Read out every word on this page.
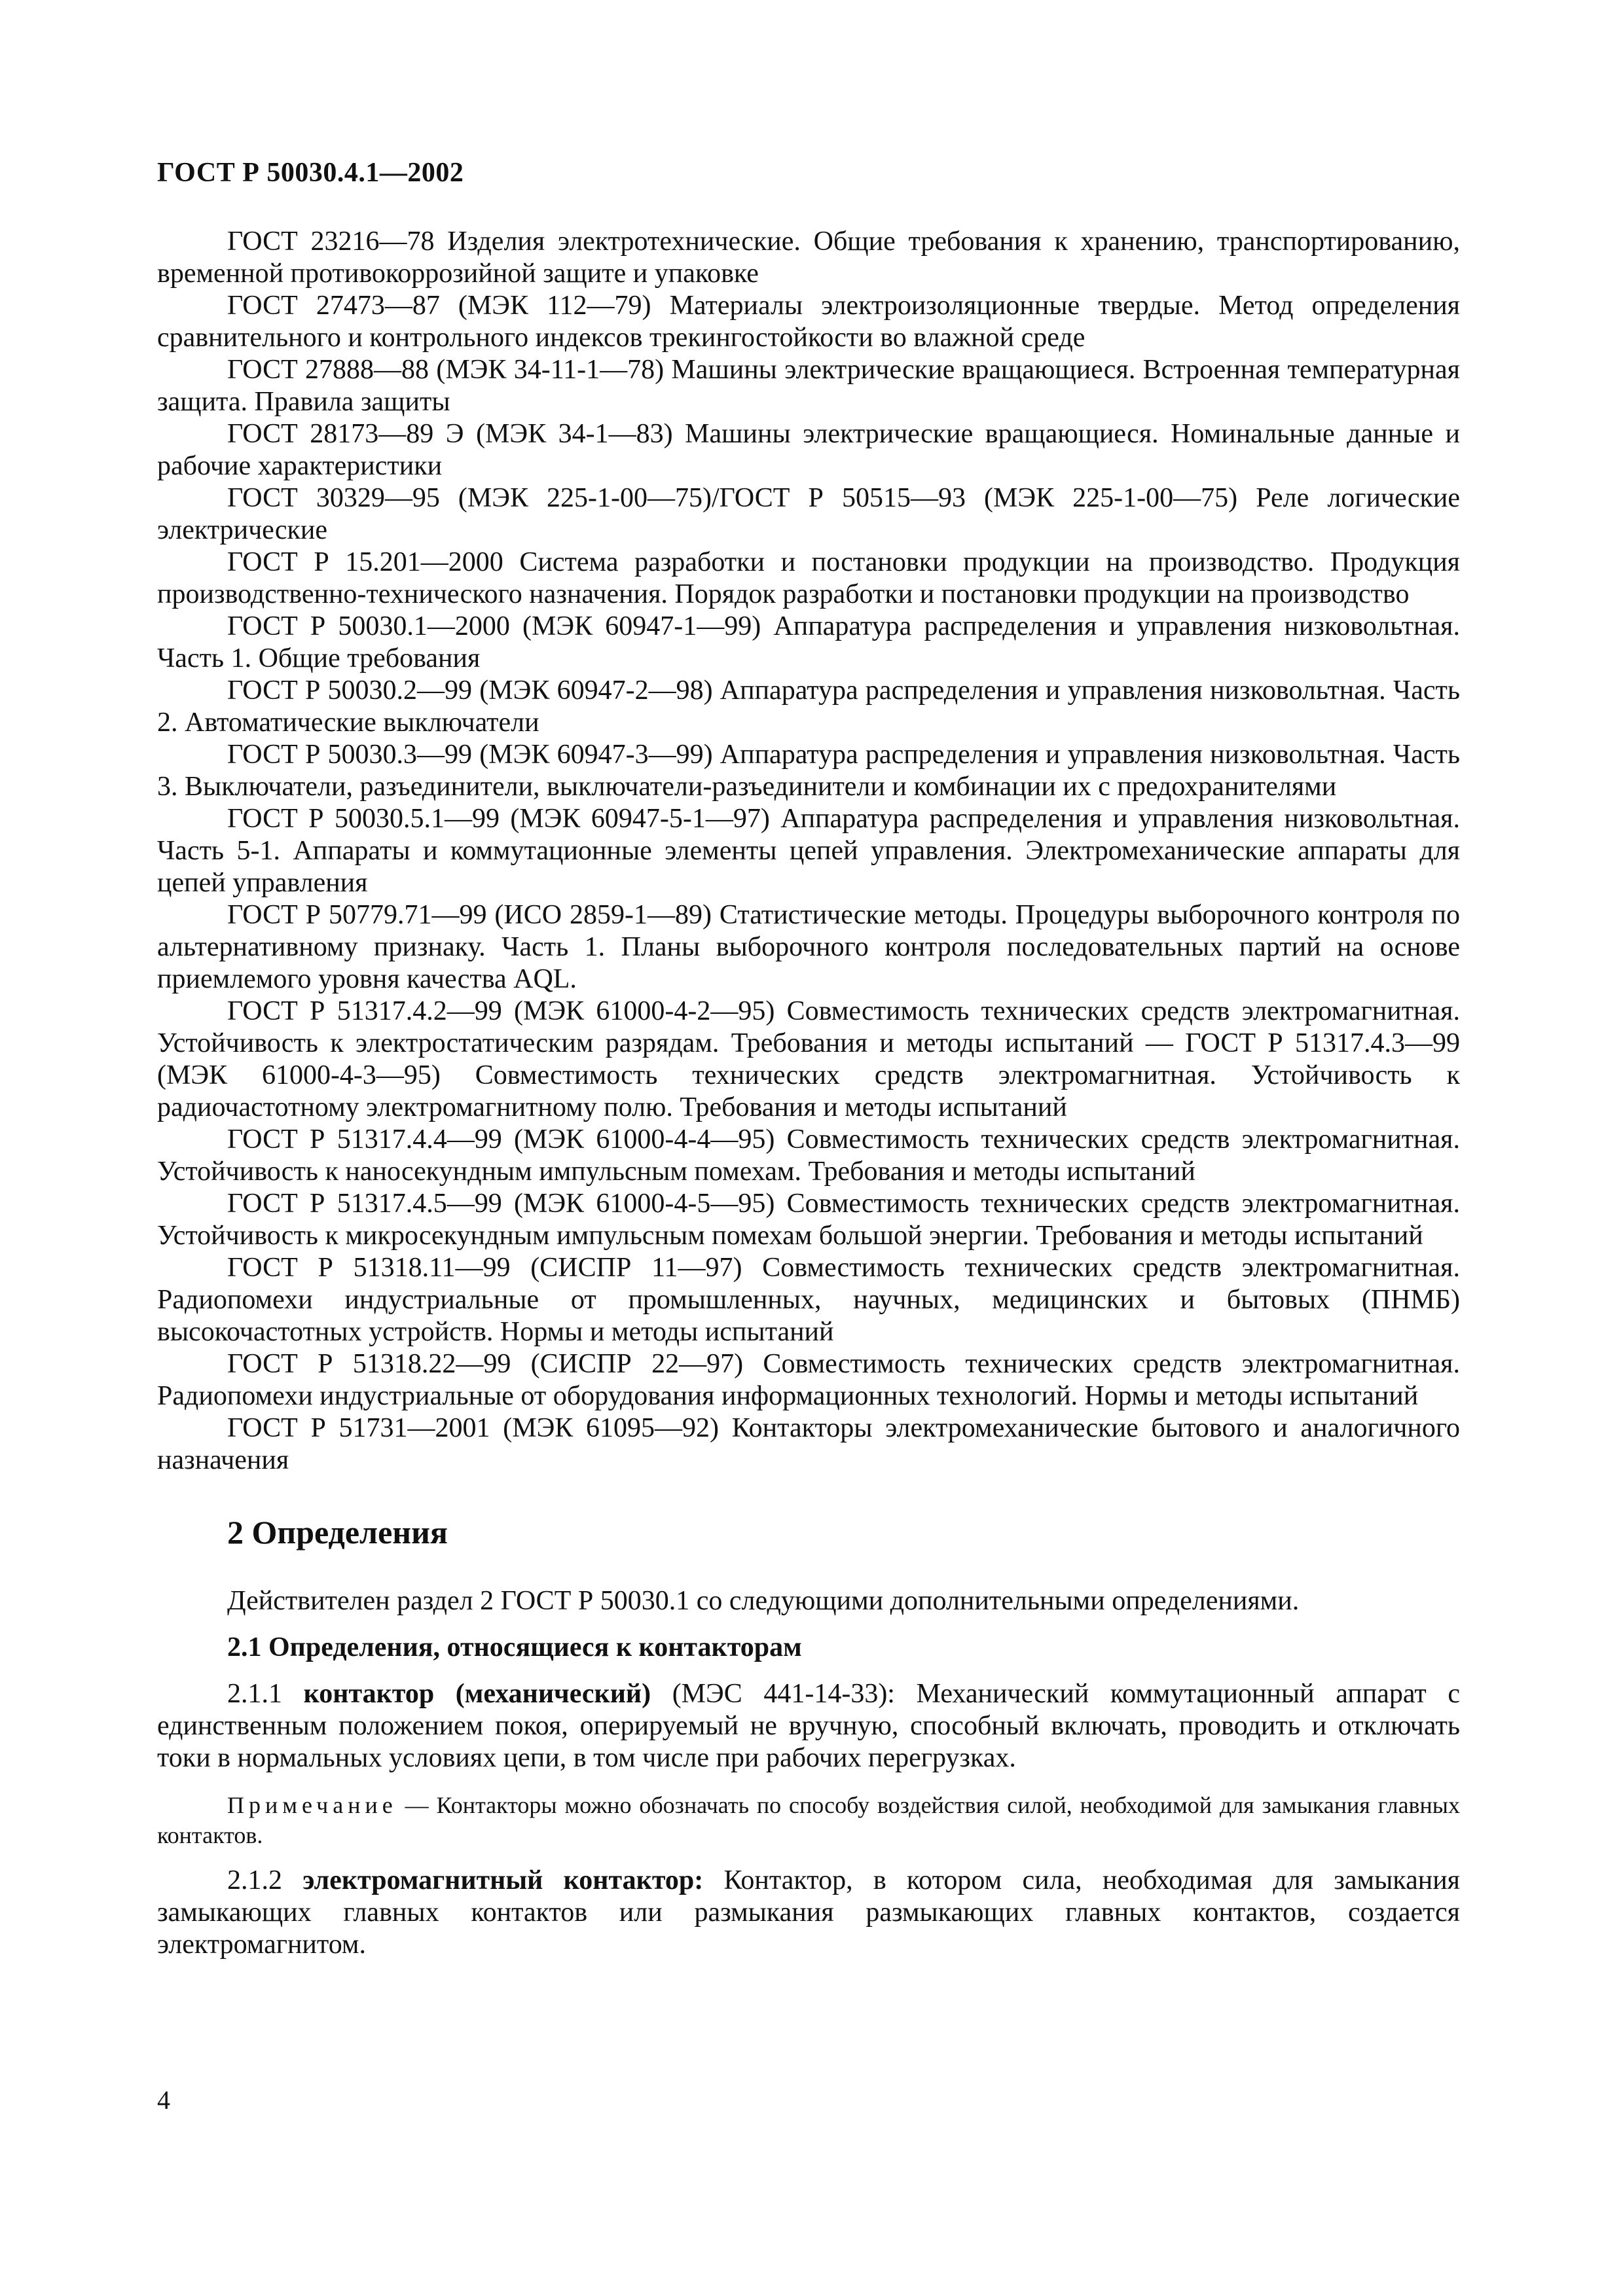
ГОСТ Р 50030.4.1—2002

ГОСТ 23216—78 Изделия электротехнические. Общие требования к хранению, транспортированию, временной противокоррозийной защите и упаковке

ГОСТ 27473—87 (МЭК 112—79) Материалы электроизоляционные твердые. Метод определения сравнительного и контрольного индексов трекингостойкости во влажной среде

ГОСТ 27888—88 (МЭК 34-11-1—78) Машины электрические вращающиеся. Встроенная температурная защита. Правила защиты

ГОСТ 28173—89 Э (МЭК 34-1—83) Машины электрические вращающиеся. Номинальные данные и рабочие характеристики

ГОСТ 30329—95 (МЭК 225-1-00—75)/ГОСТ Р 50515—93 (МЭК 225-1-00—75) Реле логические электрические

ГОСТ Р 15.201—2000 Система разработки и постановки продукции на производство. Продукция производственно-технического назначения. Порядок разработки и постановки продукции на производство

ГОСТ Р 50030.1—2000 (МЭК 60947-1—99) Аппаратура распределения и управления низковольтная. Часть 1. Общие требования

ГОСТ Р 50030.2—99 (МЭК 60947-2—98) Аппаратура распределения и управления низковольтная. Часть 2. Автоматические выключатели

ГОСТ Р 50030.3—99 (МЭК 60947-3—99) Аппаратура распределения и управления низковольтная. Часть 3. Выключатели, разъединители, выключатели-разъединители и комбинации их с предохранителями

ГОСТ Р 50030.5.1—99 (МЭК 60947-5-1—97) Аппаратура распределения и управления низковольтная. Часть 5-1. Аппараты и коммутационные элементы цепей управления. Электромеханические аппараты для цепей управления

ГОСТ Р 50779.71—99 (ИСО 2859-1—89) Статистические методы. Процедуры выборочного контроля по альтернативному признаку. Часть 1. Планы выборочного контроля последовательных партий на основе приемлемого уровня качества AQL.

ГОСТ Р 51317.4.2—99 (МЭК 61000-4-2—95) Совместимость технических средств электромагнитная. Устойчивость к электростатическим разрядам. Требования и методы испытаний — ГОСТ Р 51317.4.3—99 (МЭК 61000-4-3—95) Совместимость технических средств электромагнитная. Устойчивость к радиочастотному электромагнитному полю. Требования и методы испытаний

ГОСТ Р 51317.4.4—99 (МЭК 61000-4-4—95) Совместимость технических средств электромагнитная. Устойчивость к наносекундным импульсным помехам. Требования и методы испытаний

ГОСТ Р 51317.4.5—99 (МЭК 61000-4-5—95) Совместимость технических средств электромагнитная. Устойчивость к микросекундным импульсным помехам большой энергии. Требования и методы испытаний

ГОСТ Р 51318.11—99 (СИСПР 11—97) Совместимость технических средств электромагнитная. Радиопомехи индустриальные от промышленных, научных, медицинских и бытовых (ПНМБ) высокочастотных устройств. Нормы и методы испытаний

ГОСТ Р 51318.22—99 (СИСПР 22—97) Совместимость технических средств электромагнитная. Радиопомехи индустриальные от оборудования информационных технологий. Нормы и методы испытаний

ГОСТ Р 51731—2001 (МЭК 61095—92) Контакторы электромеханические бытового и аналогичного назначения

2 Определения

Действителен раздел 2 ГОСТ Р 50030.1 со следующими дополнительными определениями.

2.1 Определения, относящиеся к контакторам

2.1.1 контактор (механический) (МЭС 441-14-33): Механический коммутационный аппарат с единственным положением покоя, оперируемый не вручную, способный включать, проводить и отключать токи в нормальных условиях цепи, в том числе при рабочих перегрузках.

Примечание — Контакторы можно обозначать по способу воздействия силой, необходимой для замыкания главных контактов.

2.1.2 электромагнитный контактор: Контактор, в котором сила, необходимая для замыкания замыкающих главных контактов или размыкания размыкающих главных контактов, создается электромагнитом.

4
